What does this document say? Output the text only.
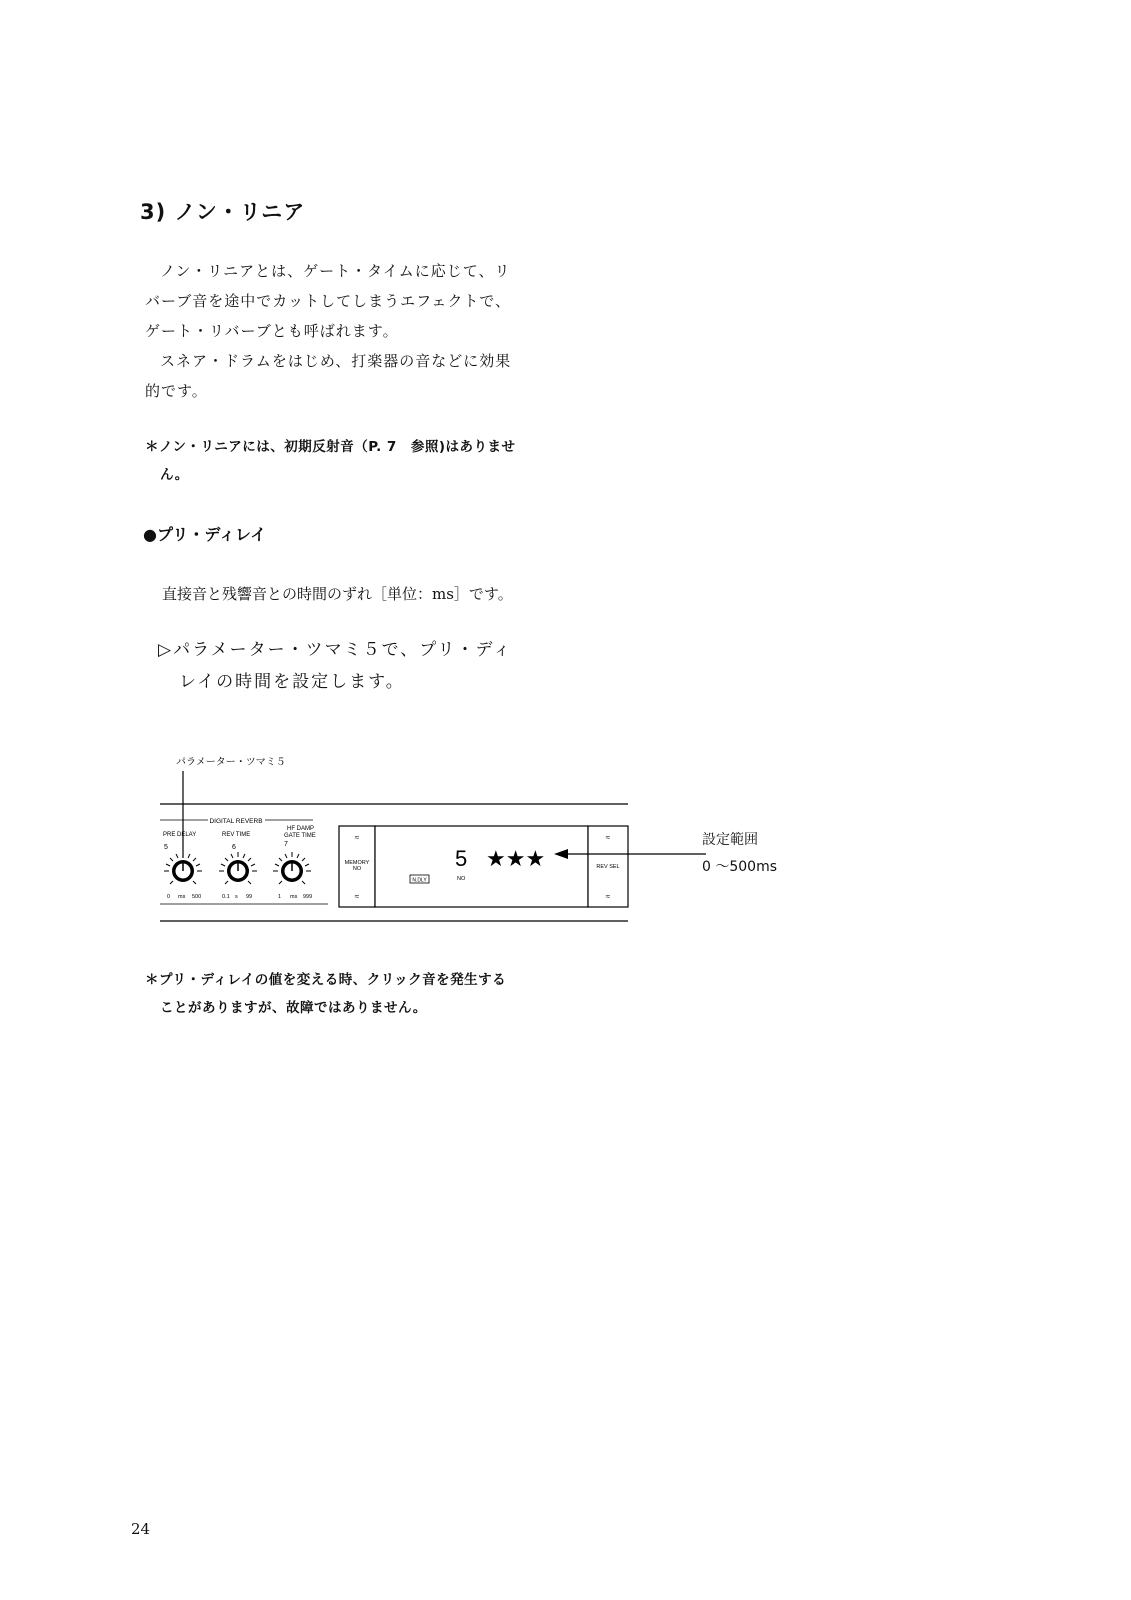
3) ノン・リニア

ノン・リニアとは、ゲート・タイムに応じて、リ

バーブ音を途中でカットしてしまうエフェクトで、

ゲート・リバーブとも呼ばれます。

スネア・ドラムをはじめ、打楽器の音などに効果

的です。

＊ノン・リニアには、初期反射音（P. 7　参照)はありませ
ん。
●プリ・ディレイ
直接音と残響音との時間のずれ［単位：ms］です。
▷パラメーター・ツマミ５で、プリ・ディ
レイの時間を設定します。
パラメーター・ツマミ５
DIGITAL REVERB
PRE DELAY
5
0 ms 500
REV TIME
6
0.1 s 99
HF DAMP
GATE TIME
7
1 ms 999
≈
MEMORY
NO
≈
5 ★★★
N.DLY	NO
≈
REV SEL
≈
設定範囲
0 ～500ms
＊プリ・ディレイの値を変える時、クリック音を発生する
ことがありますが、故障ではありません。
24
